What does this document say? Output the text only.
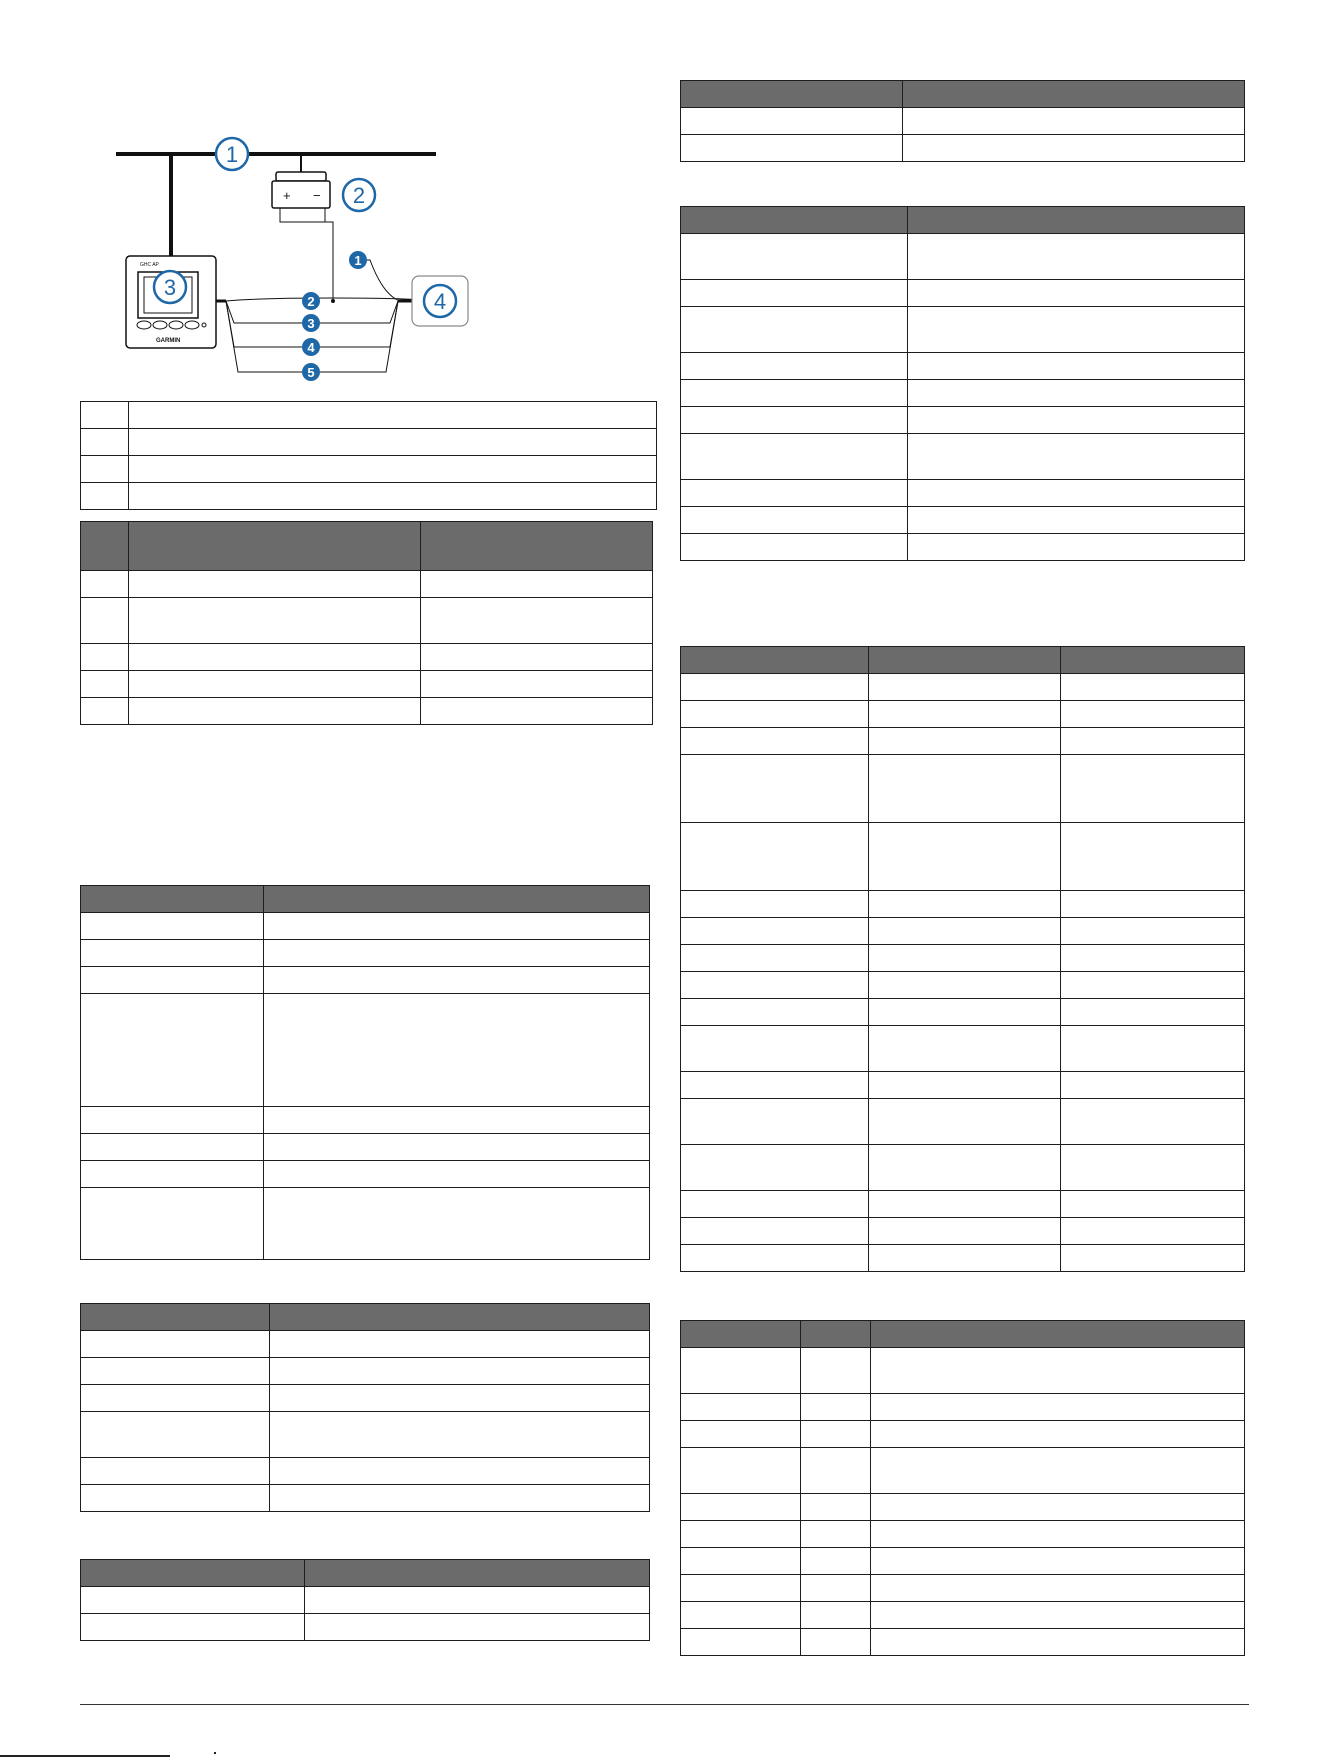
+ −
GHC AP
GARMIN
1
2
3
4
1
2
3
4
5
